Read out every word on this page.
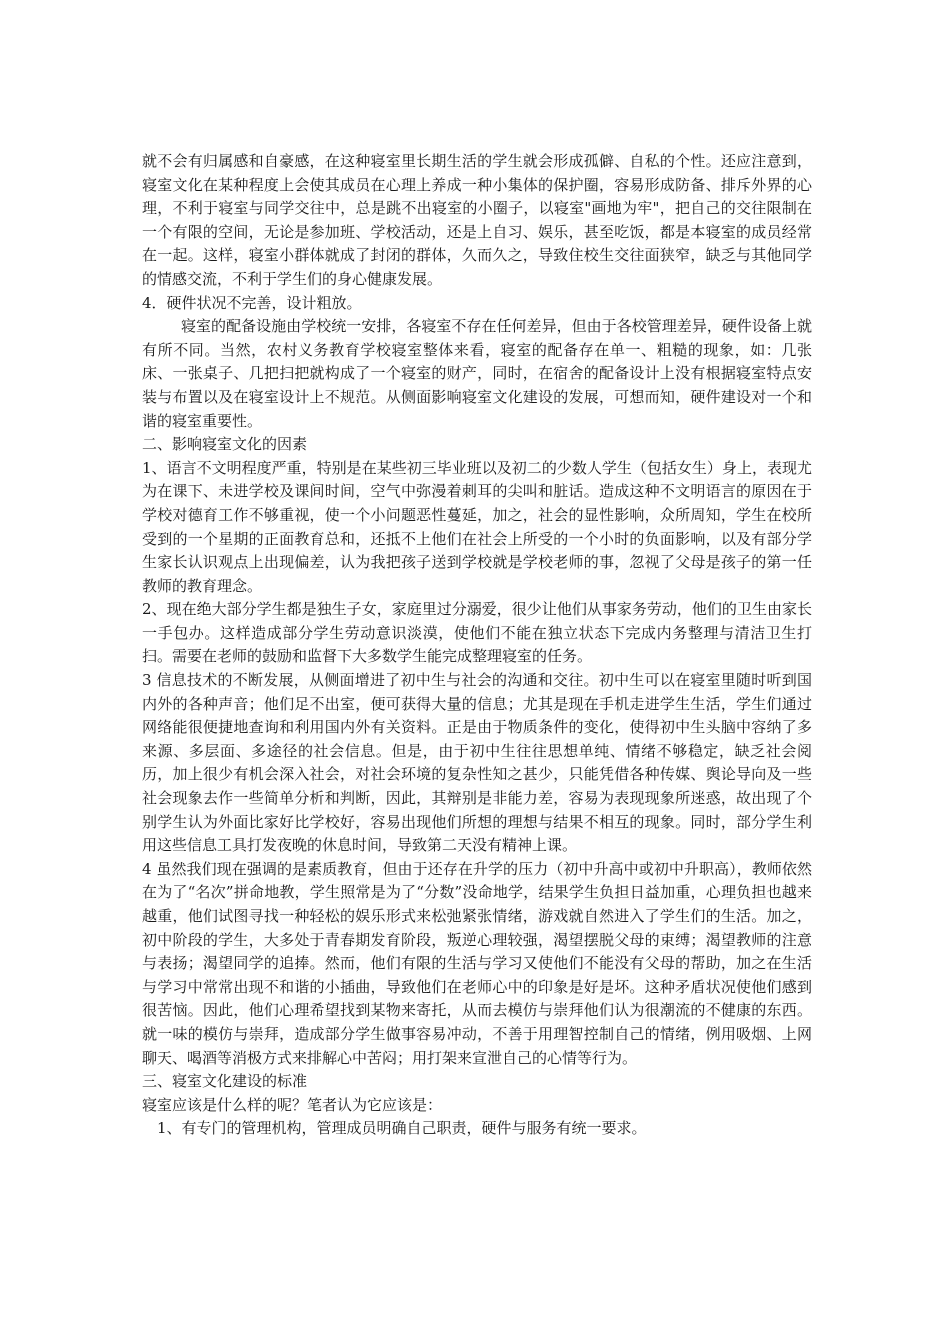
就不会有归属感和自豪感，在这种寝室里长期生活的学生就会形成孤僻、自私的个性。还应注意到，寝室文化在某种程度上会使其成员在心理上养成一种小集体的保护圈，容易形成防备、排斥外界的心理，不利于寝室与同学交往中，总是跳不出寝室的小圈子，以寝室"画地为牢"，把自己的交往限制在一个有限的空间，无论是参加班、学校活动，还是上自习、娱乐，甚至吃饭，都是本寝室的成员经常在一起。这样，寝室小群体就成了封闭的群体，久而久之，导致住校生交往面狭窄，缺乏与其他同学的情感交流，不利于学生们的身心健康发展。

4．硬件状况不完善，设计粗放。

寝室的配备设施由学校统一安排，各寝室不存在任何差异，但由于各校管理差异，硬件设备上就有所不同。当然，农村义务教育学校寝室整体来看，寝室的配备存在单一、粗糙的现象，如：几张床、一张桌子、几把扫把就构成了一个寝室的财产，同时，在宿舍的配备设计上没有根据寝室特点安装与布置以及在寝室设计上不规范。从侧面影响寝室文化建设的发展，可想而知，硬件建设对一个和谐的寝室重要性。

二、影响寝室文化的因素

1、语言不文明程度严重，特别是在某些初三毕业班以及初二的少数人学生（包括女生）身上，表现尤为在课下、未进学校及课间时间，空气中弥漫着刺耳的尖叫和脏话。造成这种不文明语言的原因在于学校对德育工作不够重视，使一个小问题恶性蔓延，加之，社会的显性影响，众所周知，学生在校所受到的一个星期的正面教育总和，还抵不上他们在社会上所受的一个小时的负面影响，以及有部分学生家长认识观点上出现偏差，认为我把孩子送到学校就是学校老师的事，忽视了父母是孩子的第一任教师的教育理念。

2、现在绝大部分学生都是独生子女，家庭里过分溺爱，很少让他们从事家务劳动，他们的卫生由家长一手包办。这样造成部分学生劳动意识淡漠，使他们不能在独立状态下完成内务整理与清洁卫生打扫。需要在老师的鼓励和监督下大多数学生能完成整理寝室的任务。

3 信息技术的不断发展，从侧面增进了初中生与社会的沟通和交往。初中生可以在寝室里随时听到国内外的各种声音；他们足不出室，便可获得大量的信息；尤其是现在手机走进学生生活，学生们通过网络能很便捷地查询和利用国内外有关资料。正是由于物质条件的变化，使得初中生头脑中容纳了多来源、多层面、多途径的社会信息。但是，由于初中生往往思想单纯、情绪不够稳定，缺乏社会阅历，加上很少有机会深入社会，对社会环境的复杂性知之甚少，只能凭借各种传媒、舆论导向及一些社会现象去作一些简单分析和判断，因此，其辩别是非能力差，容易为表现现象所迷惑，故出现了个别学生认为外面比家好比学校好，容易出现他们所想的理想与结果不相互的现象。同时，部分学生利用这些信息工具打发夜晚的休息时间，导致第二天没有精神上课。

4 虽然我们现在强调的是素质教育，但由于还存在升学的压力（初中升高中或初中升职高），教师依然在为了“名次”拼命地教，学生照常是为了“分数”没命地学，结果学生负担日益加重，心理负担也越来越重，他们试图寻找一种轻松的娱乐形式来松弛紧张情绪，游戏就自然进入了学生们的生活。加之，初中阶段的学生，大多处于青春期发育阶段，叛逆心理较强，渴望摆脱父母的束缚；渴望教师的注意与表扬；渴望同学的追捧。然而，他们有限的生活与学习又使他们不能没有父母的帮助，加之在生活与学习中常常出现不和谐的小插曲，导致他们在老师心中的印象是好是坏。这种矛盾状况使他们感到很苦恼。因此，他们心理希望找到某物来寄托，从而去模仿与崇拜他们认为很潮流的不健康的东西。就一味的模仿与崇拜，造成部分学生做事容易冲动，不善于用理智控制自己的情绪，例用吸烟、上网聊天、喝酒等消极方式来排解心中苦闷；用打架来宣泄自己的心情等行为。

三、寝室文化建设的标准

寝室应该是什么样的呢？笔者认为它应该是：

1、有专门的管理机构，管理成员明确自己职责，硬件与服务有统一要求。
